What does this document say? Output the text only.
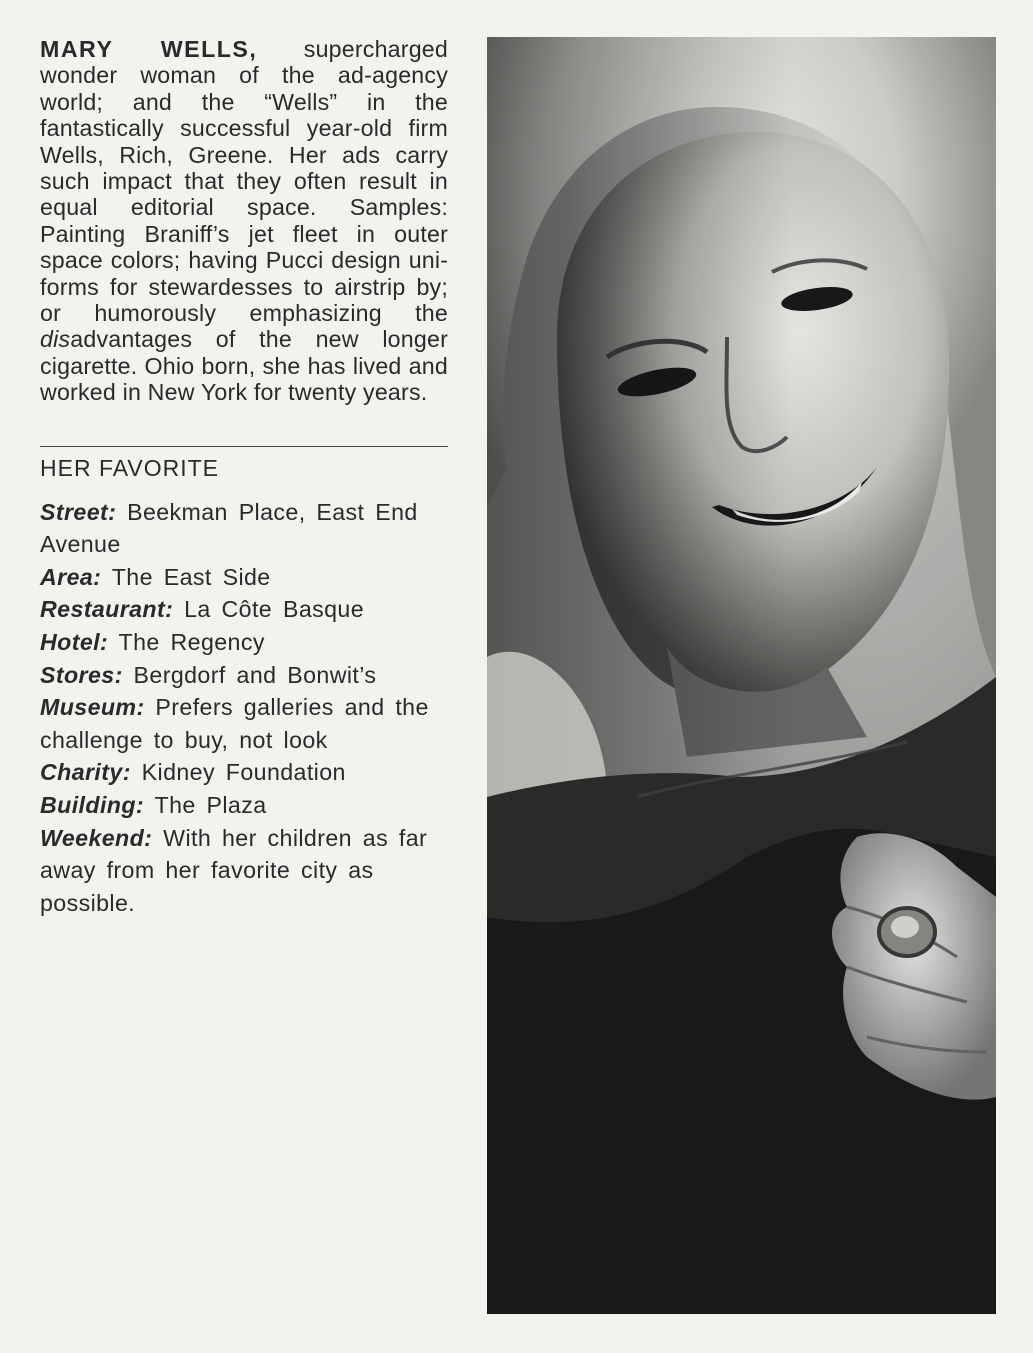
MARY WELLS, supercharged wonder woman of the ad-agency world; and the “Wells” in the fantastically successful year-old firm Wells, Rich, Greene. Her ads carry such impact that they often result in equal editorial space. Samples: Painting Braniff’s jet fleet in outer space colors; having Pucci design uniforms for stewardesses to airstrip by; or humorously emphasizing the disadvantages of the new longer cigarette. Ohio born, she has lived and worked in New York for twenty years.

HER FAVORITE
Street: Beekman Place, East End Avenue
Area: The East Side
Restaurant: La Côte Basque
Hotel: The Regency
Stores: Bergdorf and Bonwit’s
Museum: Prefers galleries and the challenge to buy, not look
Charity: Kidney Foundation
Building: The Plaza
Weekend: With her children as far away from her favorite city as possible.
